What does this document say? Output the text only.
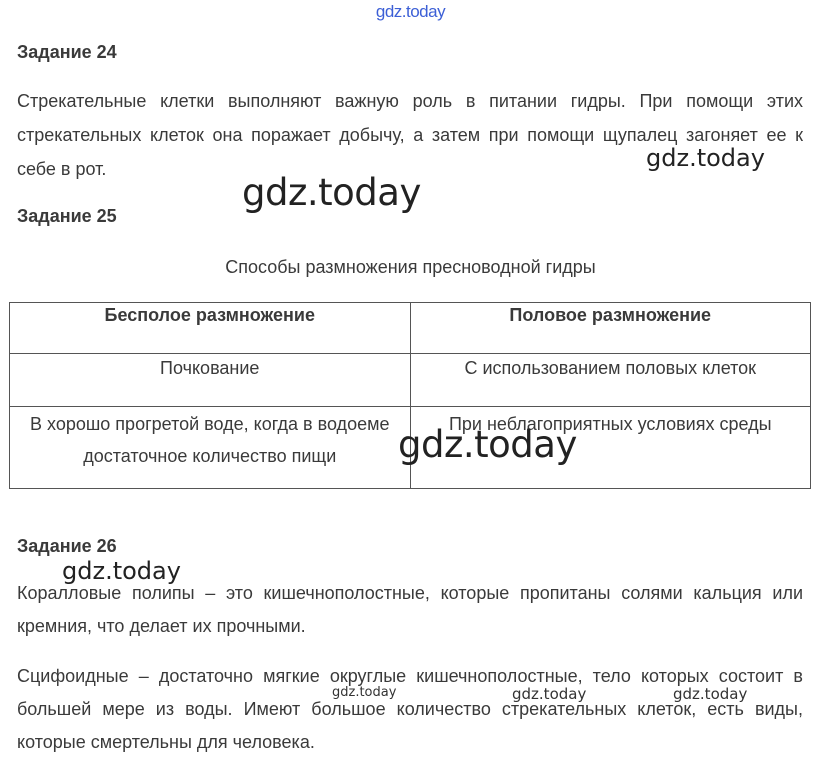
gdz.today
Задание 24
Стрекательные клетки выполняют важную роль в питании гидры. При помощи этих стрекательных клеток она поражает добычу, а затем при помощи щупалец загоняет ее к себе в рот.
Задание 25
Способы размножения пресноводной гидры
Бесполое размножение	Половое размножение
Почкование	С использованием половых клеток
В хорошо прогретой воде, когда в водоеме достаточное количество пищи	При неблагоприятных условиях среды
Задание 26
Коралловые полипы – это кишечнополостные, которые пропитаны солями кальция или кремния, что делает их прочными.
Сцифоидные – достаточно мягкие округлые кишечнополостные, тело которых состоит в большей мере из воды. Имеют большое количество стрекательных клеток, есть виды, которые смертельны для человека.
gdz.today
gdz.today
gdz.today
gdz.today
gdz.today	gdz.today	gdz.today
